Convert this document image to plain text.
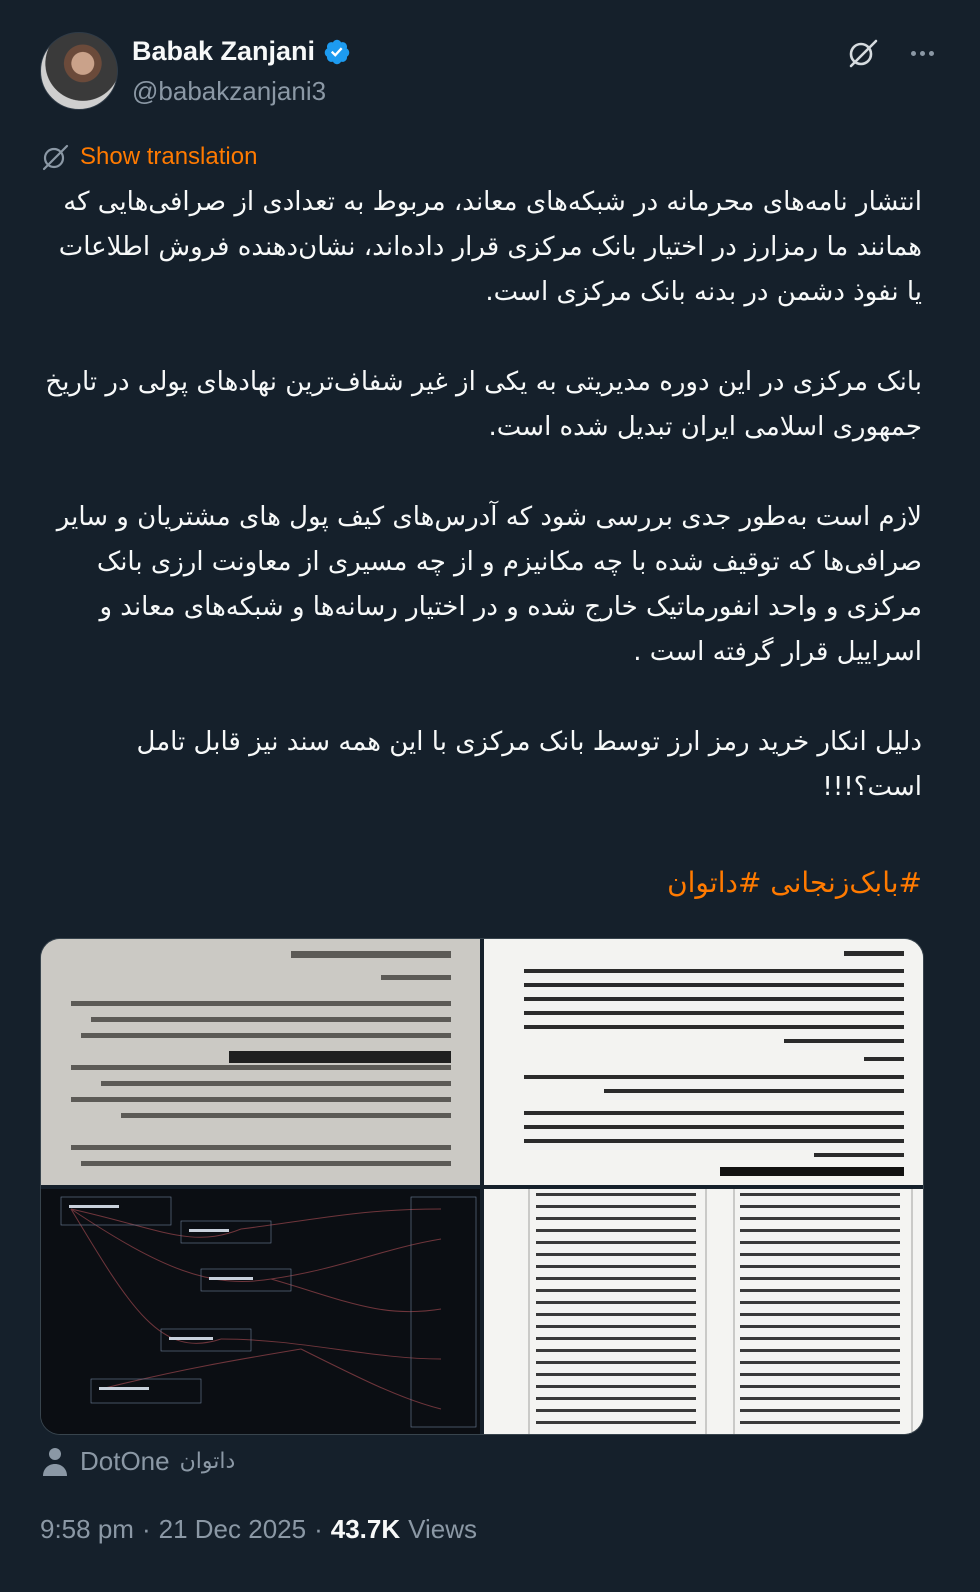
Babak Zanjani
@babakzanjani3
Show translation

انتشار نامه‌های محرمانه در شبکه‌های معاند، مربوط به تعدادی از صرافی‌هایی که همانند ما رمزارز در اختیار بانک مرکزی قرار داده‌اند، نشان‌دهنده فروش اطلاعات یا نفوذ دشمن در بدنه بانک مرکزی است.

بانک مرکزی در این دوره مدیریتی به یکی از غیر شفاف‌ترین نهادهای پولی در تاریخ جمهوری اسلامی ایران تبدیل شده است.

لازم است به‌طور جدی بررسی شود که آدرس‌های کیف پول های مشتریان و سایر صرافی‌ها که توقیف شده با چه مکانیزم و از چه مسیری از معاونت ارزی بانک مرکزی و واحد انفورماتیک خارج شده و در اختیار رسانه‌ها و شبکه‌های معاند و اسراییل قرار گرفته است .

دلیل انکار خرید رمز ارز توسط بانک مرکزی با این همه سند نیز قابل تامل است؟!!!

#بابک‌زنجانی #داتوان
DotOne داتوان
9:58 pm · 21 Dec 2025 · 43.7K Views
